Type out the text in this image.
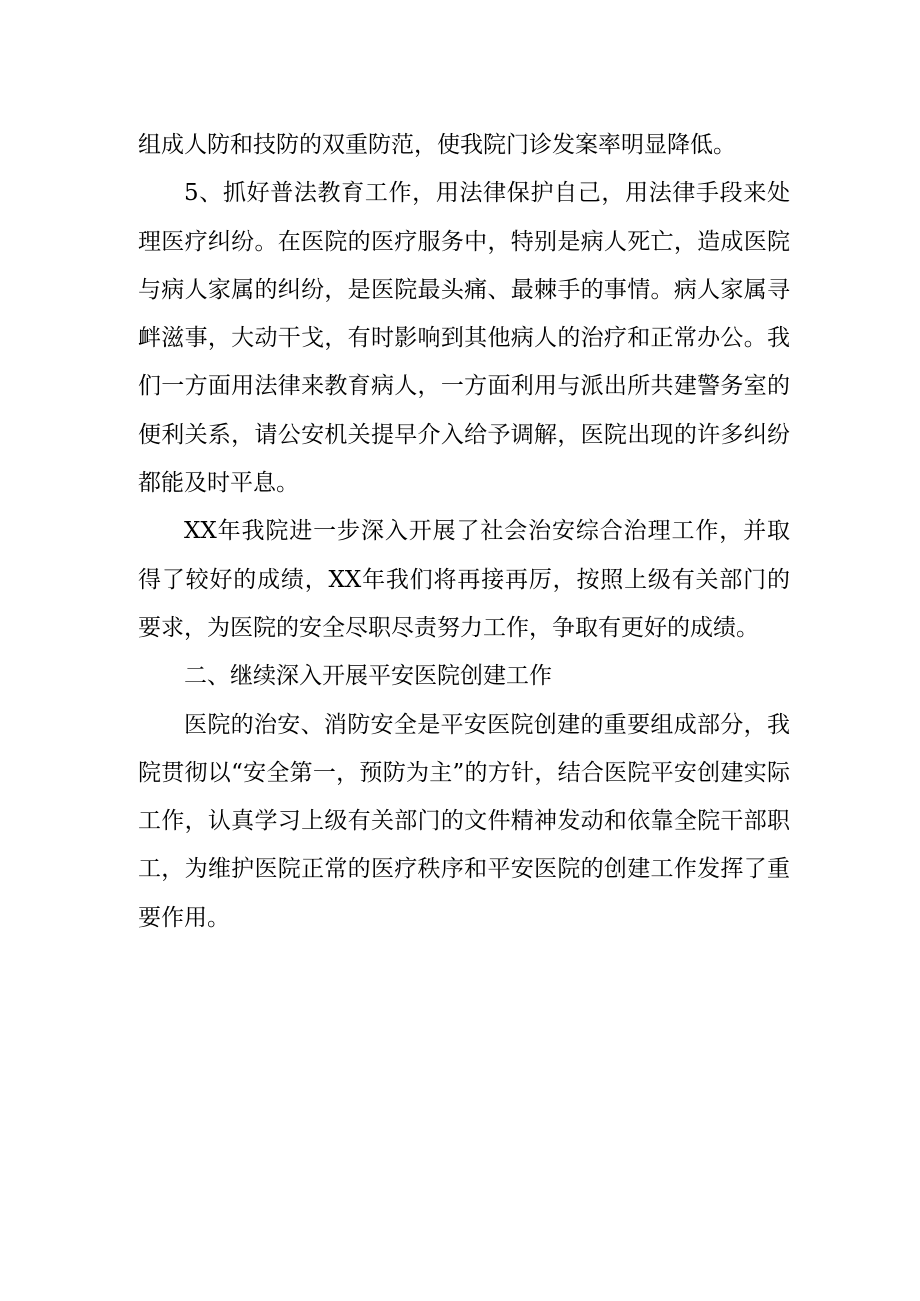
组成人防和技防的双重防范，使我院门诊发案率明显降低。

5、抓好普法教育工作，用法律保护自己，用法律手段来处理医疗纠纷。在医院的医疗服务中，特别是病人死亡，造成医院与病人家属的纠纷，是医院最头痛、最棘手的事情。病人家属寻衅滋事，大动干戈，有时影响到其他病人的治疗和正常办公。我们一方面用法律来教育病人，一方面利用与派出所共建警务室的便利关系，请公安机关提早介入给予调解，医院出现的许多纠纷都能及时平息。

XX年我院进一步深入开展了社会治安综合治理工作，并取得了较好的成绩，XX年我们将再接再厉，按照上级有关部门的要求，为医院的安全尽职尽责努力工作，争取有更好的成绩。

二、继续深入开展平安医院创建工作

医院的治安、消防安全是平安医院创建的重要组成部分，我院贯彻以“安全第一，预防为主”的方针，结合医院平安创建实际工作，认真学习上级有关部门的文件精神发动和依靠全院干部职工，为维护医院正常的医疗秩序和平安医院的创建工作发挥了重要作用。
